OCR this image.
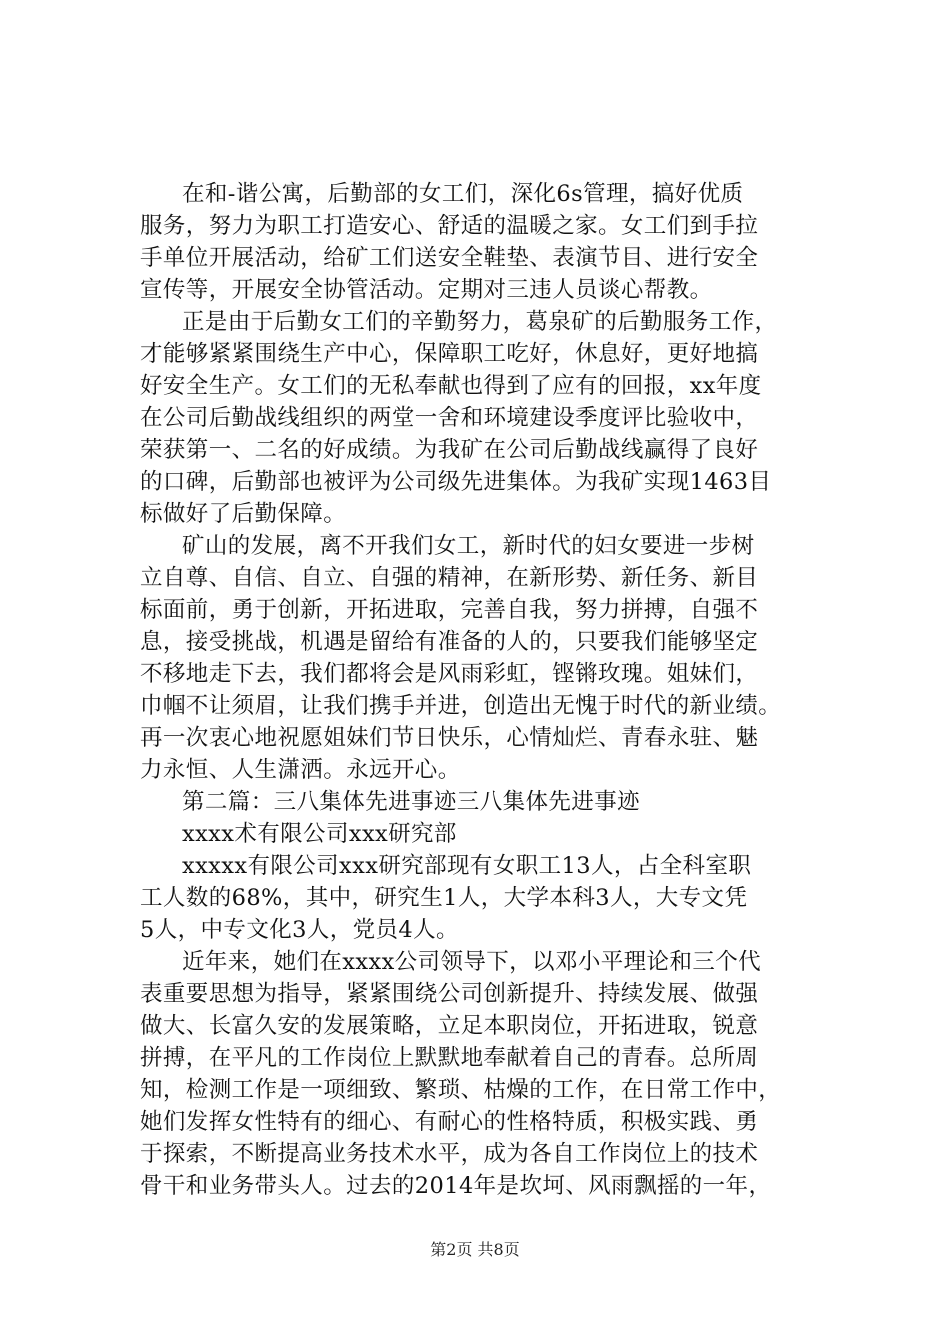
在和-谐公寓，后勤部的女工们，深化6s管理，搞好优质
服务，努力为职工打造安心、舒适的温暖之家。女工们到手拉
手单位开展活动，给矿工们送安全鞋垫、表演节目、进行安全
宣传等，开展安全协管活动。定期对三违人员谈心帮教。
正是由于后勤女工们的辛勤努力，葛泉矿的后勤服务工作，
才能够紧紧围绕生产中心，保障职工吃好，休息好，更好地搞
好安全生产。女工们的无私奉献也得到了应有的回报，xx年度
在公司后勤战线组织的两堂一舍和环境建设季度评比验收中，
荣获第一、二名的好成绩。为我矿在公司后勤战线赢得了良好
的口碑，后勤部也被评为公司级先进集体。为我矿实现1463目
标做好了后勤保障。
矿山的发展，离不开我们女工，新时代的妇女要进一步树
立自尊、自信、自立、自强的精神，在新形势、新任务、新目
标面前，勇于创新，开拓进取，完善自我，努力拼搏，自强不
息，接受挑战，机遇是留给有准备的人的，只要我们能够坚定
不移地走下去，我们都将会是风雨彩虹，铿锵玫瑰。姐妹们，
巾帼不让须眉，让我们携手并进，创造出无愧于时代的新业绩。
再一次衷心地祝愿姐妹们节日快乐，心情灿烂、青春永驻、魅
力永恒、人生潇洒。永远开心。
第二篇：三八集体先进事迹三八集体先进事迹
xxxx术有限公司xxx研究部
xxxxx有限公司xxx研究部现有女职工13人，占全科室职
工人数的68%，其中，研究生1人，大学本科3人，大专文凭
5人，中专文化3人，党员4人。
近年来，她们在xxxx公司领导下，以邓小平理论和三个代
表重要思想为指导，紧紧围绕公司创新提升、持续发展、做强
做大、长富久安的发展策略，立足本职岗位，开拓进取，锐意
拼搏，在平凡的工作岗位上默默地奉献着自己的青春。总所周
知，检测工作是一项细致、繁琐、枯燥的工作，在日常工作中，
她们发挥女性特有的细心、有耐心的性格特质，积极实践、勇
于探索，不断提高业务技术水平，成为各自工作岗位上的技术
骨干和业务带头人。过去的2014年是坎坷、风雨飘摇的一年，
第2页 共8页
